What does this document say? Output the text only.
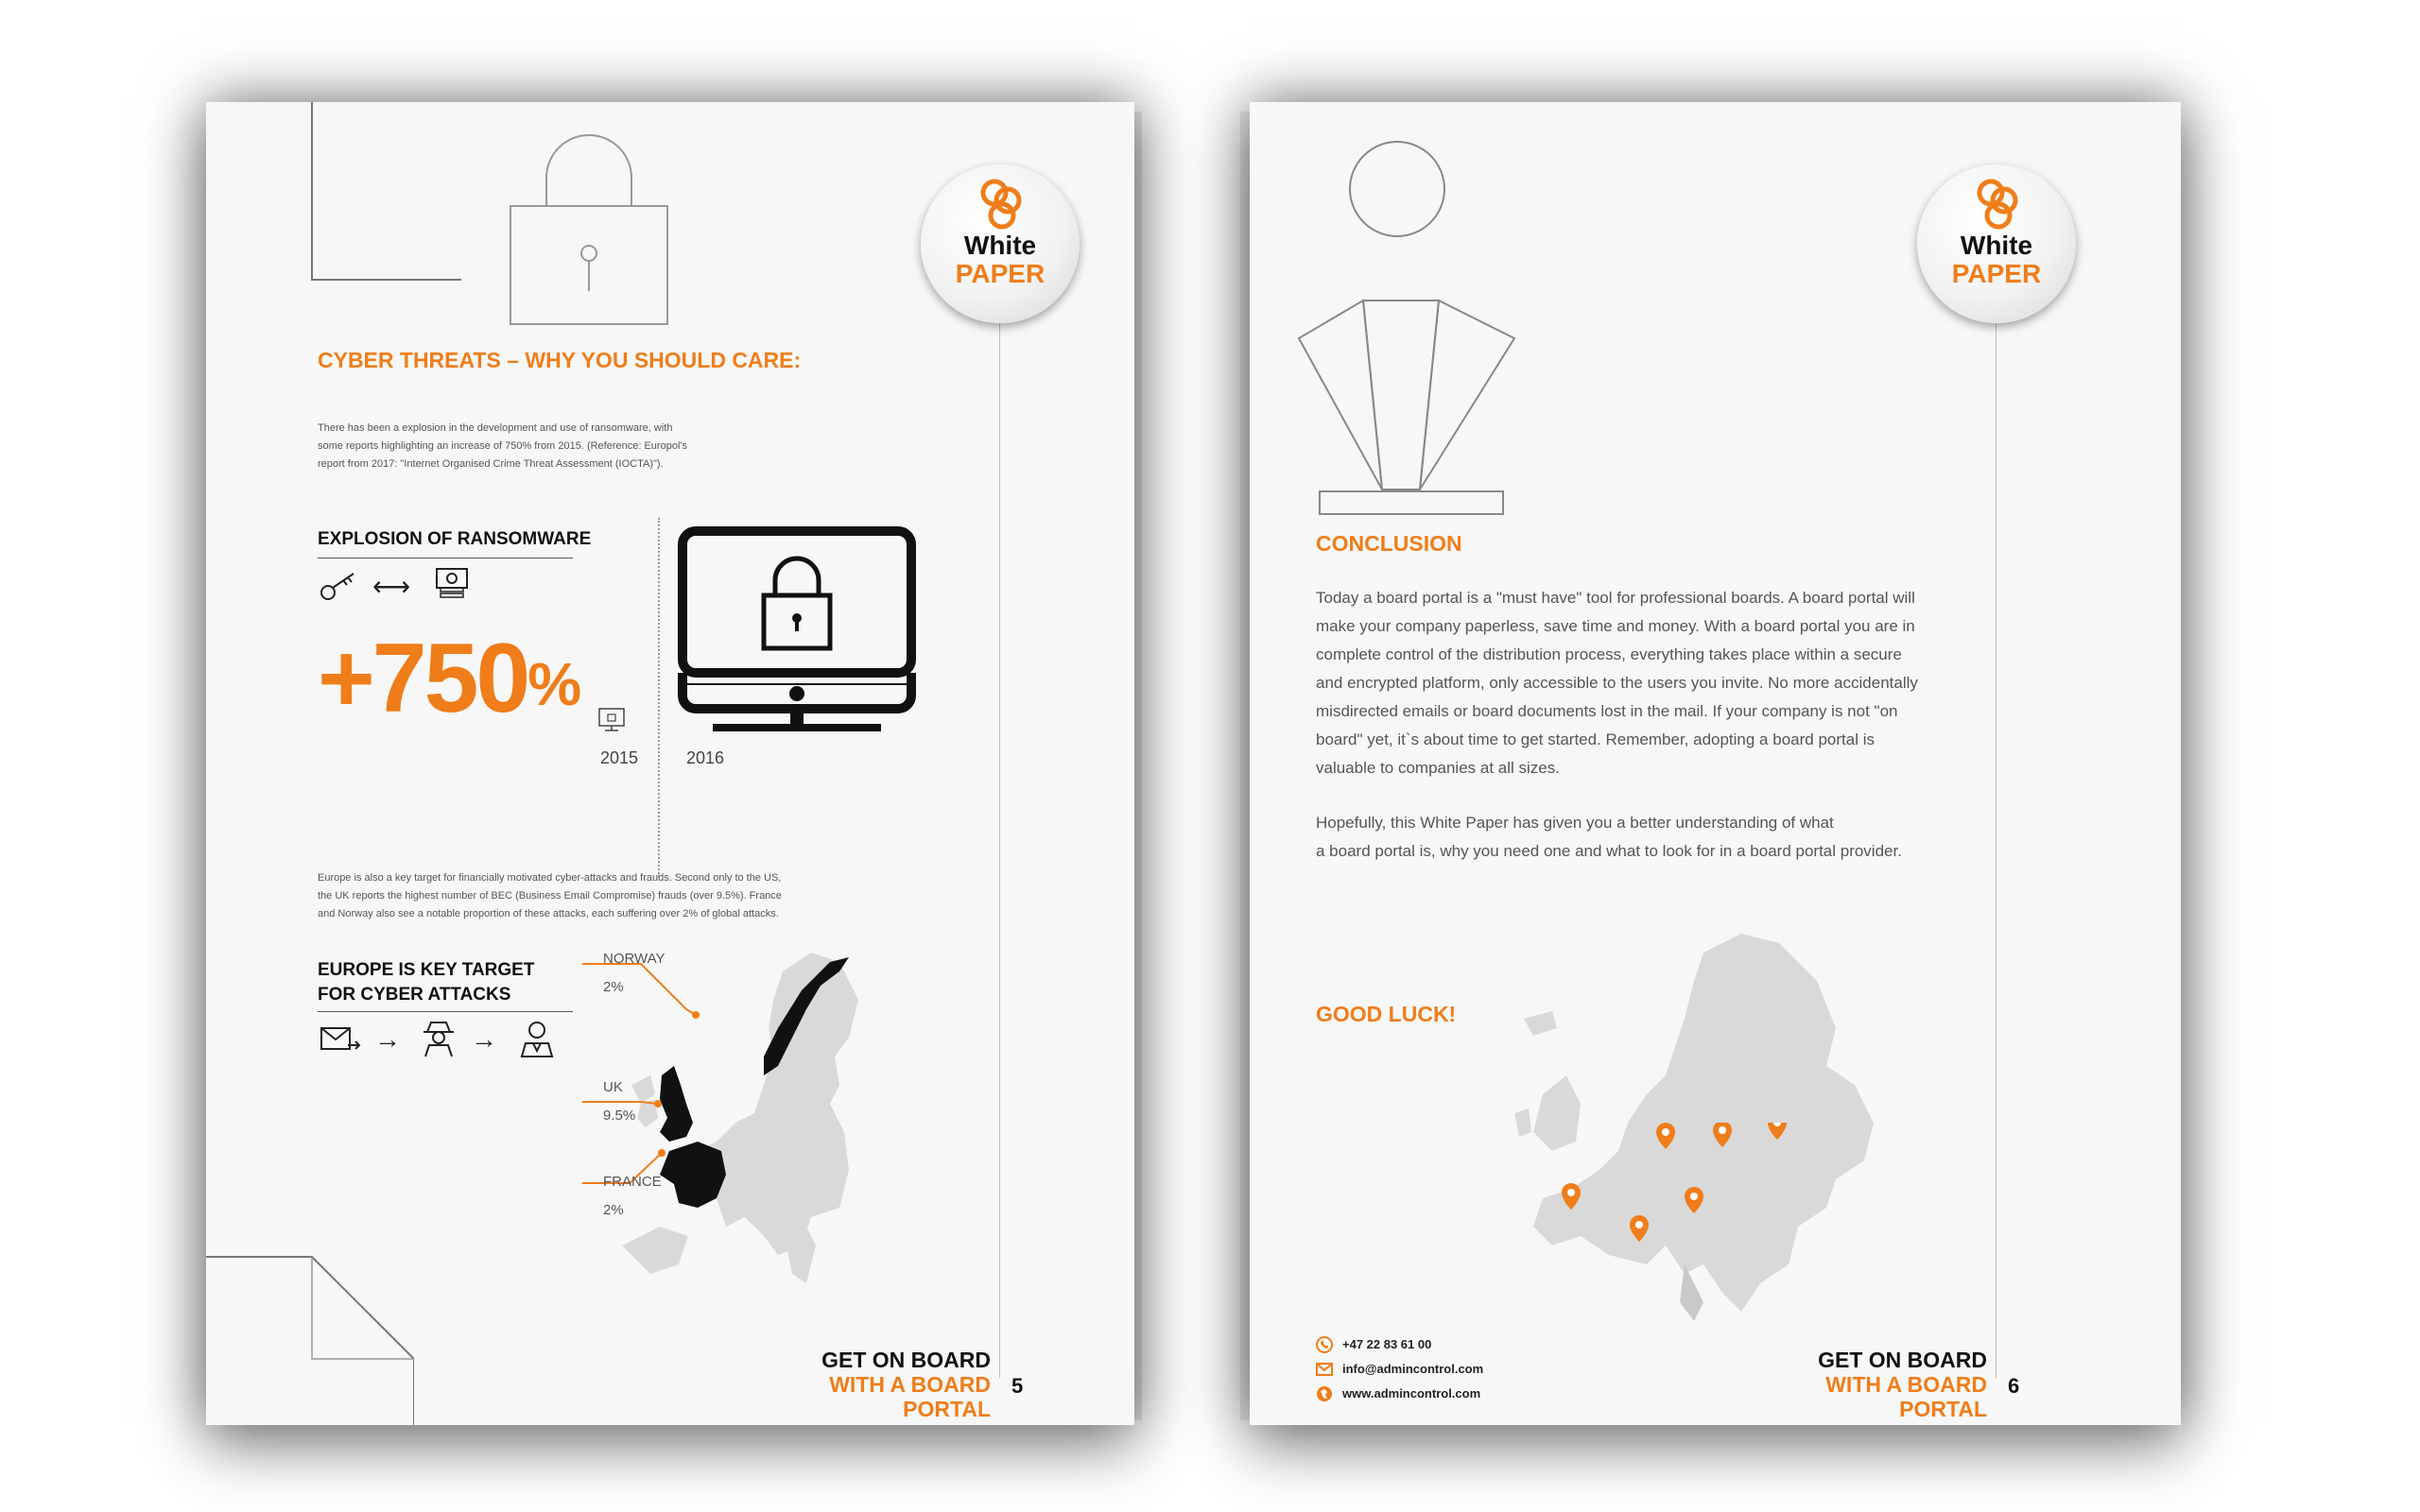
White
PAPER
CYBER THREATS – WHY YOU SHOULD CARE:
There has been a explosion in the development and use of ransomware, with
some reports highlighting an increase of 750% from 2015. (Reference: Europol's
report from 2017: "Internet Organised Crime Threat Assessment (IOCTA)").
EXPLOSION OF RANSOMWARE
⟷
+750%
2015	2016
Europe is also a key target for financially motivated cyber-attacks and frauds. Second only to the US,
the UK reports the highest number of BEC (Business Email Compromise) frauds (over 9.5%). France
and Norway also see a notable proportion of these attacks, each suffering over 2% of global attacks.
EUROPE IS KEY TARGET
FOR CYBER ATTACKS
→	→
NORWAY
2%
UK
9.5%
FRANCE
2%
GET ON BOARD
WITH A BOARD PORTAL
5
White
PAPER
CONCLUSION
Today a board portal is a "must have" tool for professional boards. A board portal will
make your company paperless, save time and money. With a board portal you are in
complete control of the distribution process, everything takes place within a secure
and encrypted platform, only accessible to the users you invite. No more accidentally
misdirected emails or board documents lost in the mail. If your company is not "on
board" yet, it`s about time to get started. Remember, adopting a board portal is
valuable to companies at all sizes.
Hopefully, this White Paper has given you a better understanding of what
a board portal is, why you need one and what to look for in a board portal provider.
GOOD LUCK!
+47 22 83 61 00
info@admincontrol.com
www.admincontrol.com
GET ON BOARD
WITH A BOARD PORTAL
6
